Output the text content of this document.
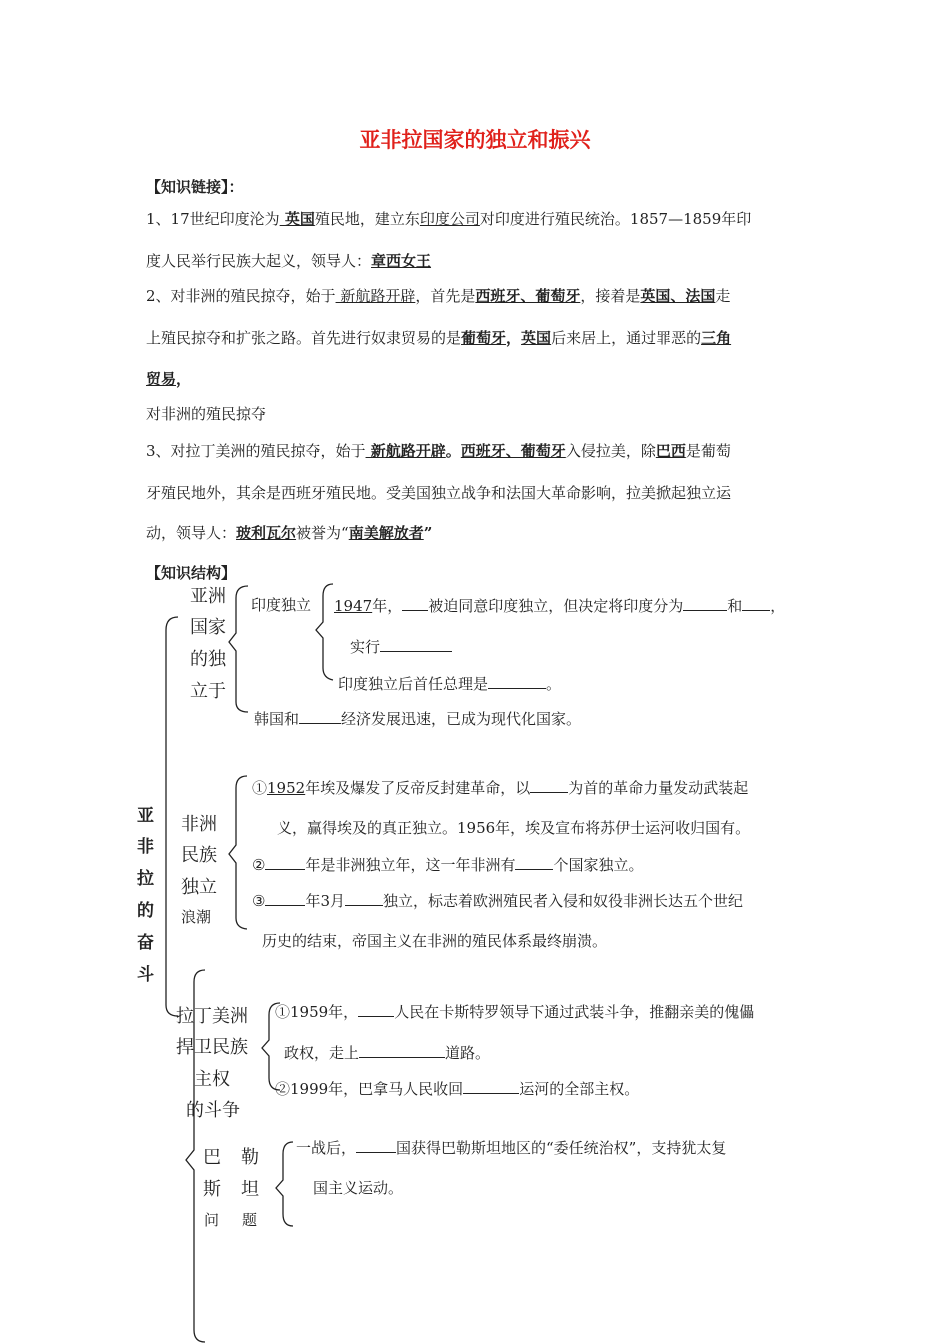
亚非拉国家的独立和振兴
【知识链接】：
1、17世纪印度沦为 英国殖民地，建立东印度公司对印度进行殖民统治。1857—1859年印
度人民举行民族大起义，领导人：章西女王
2、对非洲的殖民掠夺，始于 新航路开辟，首先是西班牙、葡萄牙，接着是英国、法国走
上殖民掠夺和扩张之路。首先进行奴隶贸易的是葡萄牙，英国后来居上，通过罪恶的三角
贸易，
对非洲的殖民掠夺
3、对拉丁美洲的殖民掠夺，始于 新航路开辟。西班牙、葡萄牙入侵拉美，除巴西是葡萄
牙殖民地外，其余是西班牙殖民地。受美国独立战争和法国大革命影响，拉美掀起独立运
动，领导人：玻利瓦尔被誉为“南美解放者”
【知识结构】
亚
非
拉
的
奋
斗
亚洲
国家
的独
立于
印度独立 1947年， 被迫同意印度独立，但决定将印度分为	和 ，
实行
印度独立后首任总理是	。
韩国和	经济发展迅速，已成为现代化国家。
非洲
民族
独立
浪潮
①1952年埃及爆发了反帝反封建革命，以	为首的革命力量发动武装起
义，赢得埃及的真正独立。1956年，埃及宣布将苏伊士运河收归国有。
②	年是非洲独立年，这一年非洲有	个国家独立。
③	年3月	独立，标志着欧洲殖民者入侵和奴役非洲长达五个世纪
历史的结束，帝国主义在非洲的殖民体系最终崩溃。
拉丁美洲
捍卫民族
主权
的斗争
①1959年， 人民在卡斯特罗领导下通过武装斗争，推翻亲美的傀儡
政权，走上	道路。
②1999年，巴拿马人民收回	运河的全部主权。
巴 勒
斯 坦
问 题
一战后，	国获得巴勒斯坦地区的“委任统治权”，支持犹太复
国主义运动。
